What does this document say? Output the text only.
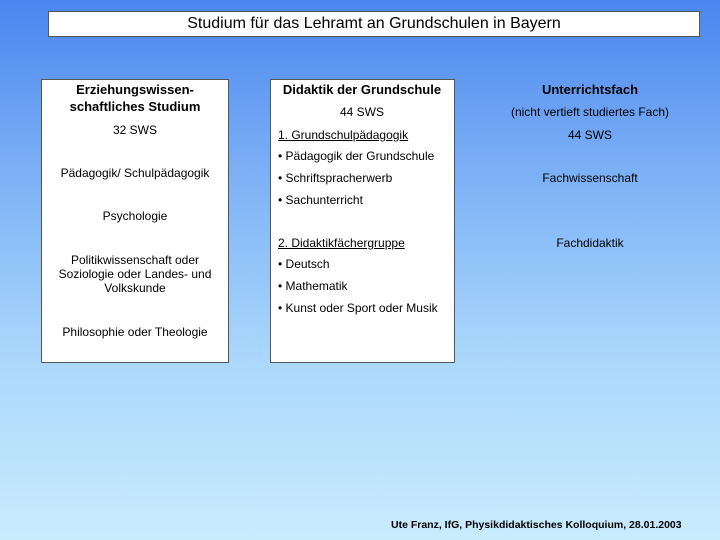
Studium für das Lehramt an Grundschulen in Bayern
Erziehungswissen-
schaftliches Studium
32 SWS
Pädagogik/ Schulpädagogik
Psychologie
Politikwissenschaft oder
Soziologie oder Landes- und
Volkskunde
Philosophie oder Theologie
Didaktik der Grundschule
44 SWS
1. Grundschulpädagogik
• Pädagogik der Grundschule
• Schriftspracherwerb
• Sachunterricht
2. Didaktikfächergruppe
• Deutsch
• Mathematik
• Kunst oder Sport oder Musik
Unterrichtsfach
(nicht vertieft studiertes Fach)
44 SWS
Fachwissenschaft
Fachdidaktik
Ute Franz, IfG, Physikdidaktisches Kolloquium, 28.01.2003
